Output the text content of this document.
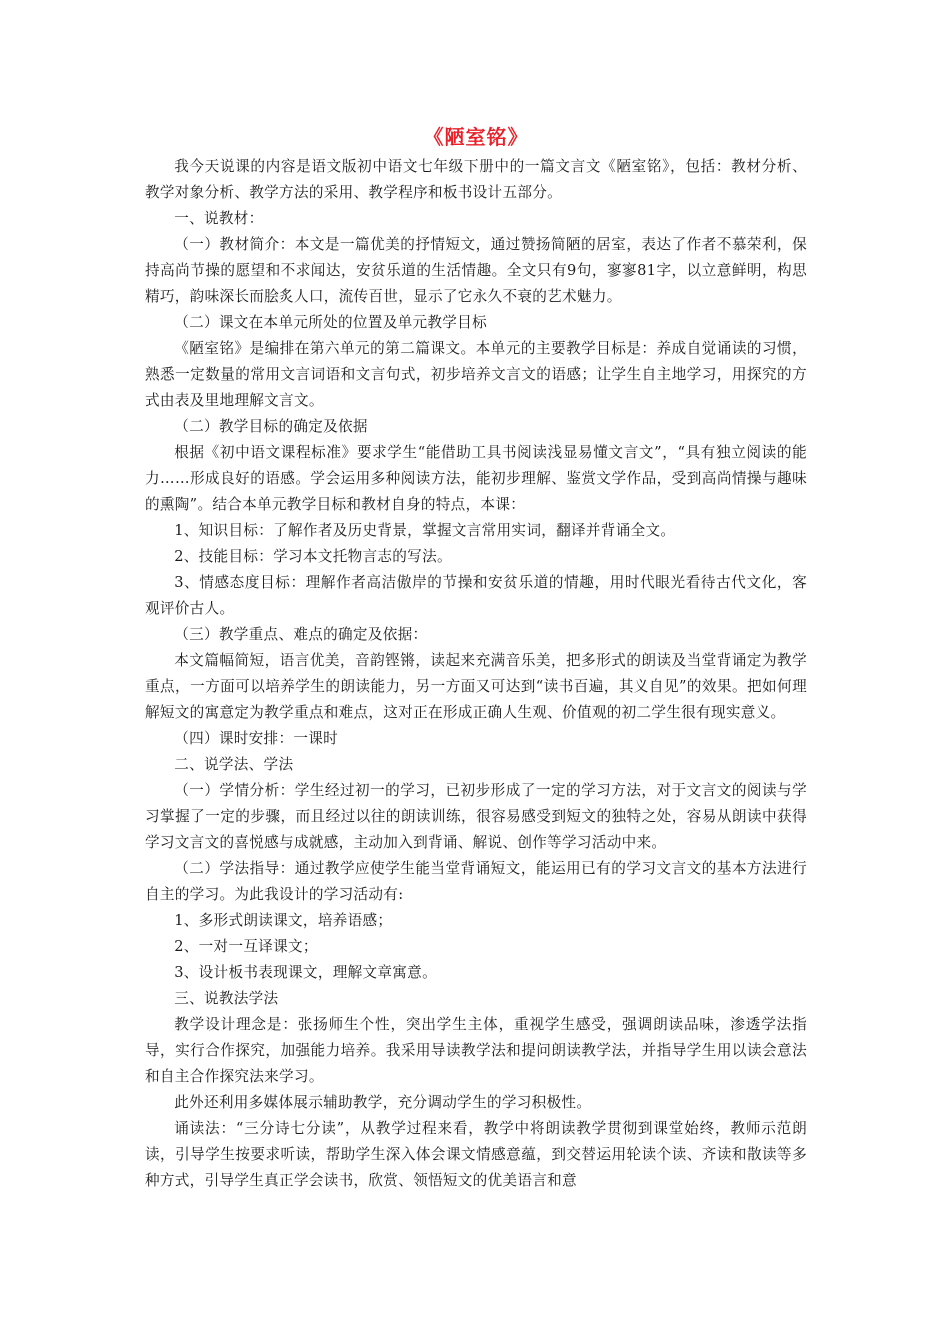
《陋室铭》

我今天说课的内容是语文版初中语文七年级下册中的一篇文言文《陋室铭》，包括：教材分析、教学对象分析、教学方法的采用、教学程序和板书设计五部分。

一、说教材：

（一）教材简介：本文是一篇优美的抒情短文，通过赞扬简陋的居室，表达了作者不慕荣利，保持高尚节操的愿望和不求闻达，安贫乐道的生活情趣。全文只有9句，寥寥81字，以立意鲜明，构思精巧，韵味深长而脍炙人口，流传百世，显示了它永久不衰的艺术魅力。

（二）课文在本单元所处的位置及单元教学目标

《陋室铭》是编排在第六单元的第二篇课文。本单元的主要教学目标是：养成自觉诵读的习惯，熟悉一定数量的常用文言词语和文言句式，初步培养文言文的语感；让学生自主地学习，用探究的方式由表及里地理解文言文。

（二）教学目标的确定及依据

根据《初中语文课程标准》要求学生“能借助工具书阅读浅显易懂文言文”，“具有独立阅读的能力……形成良好的语感。学会运用多种阅读方法，能初步理解、鉴赏文学作品，受到高尚情操与趣味的熏陶”。结合本单元教学目标和教材自身的特点，本课：

1、知识目标：了解作者及历史背景，掌握文言常用实词，翻译并背诵全文。

2、技能目标：学习本文托物言志的写法。

3、情感态度目标：理解作者高洁傲岸的节操和安贫乐道的情趣，用时代眼光看待古代文化，客观评价古人。

（三）教学重点、难点的确定及依据：

本文篇幅简短，语言优美，音韵铿锵，读起来充满音乐美，把多形式的朗读及当堂背诵定为教学重点，一方面可以培养学生的朗读能力，另一方面又可达到“读书百遍，其义自见”的效果。把如何理解短文的寓意定为教学重点和难点，这对正在形成正确人生观、价值观的初二学生很有现实意义。

（四）课时安排：一课时

二、说学法、学法

（一）学情分析：学生经过初一的学习，已初步形成了一定的学习方法，对于文言文的阅读与学习掌握了一定的步骤，而且经过以往的朗读训练，很容易感受到短文的独特之处，容易从朗读中获得学习文言文的喜悦感与成就感，主动加入到背诵、解说、创作等学习活动中来。

（二）学法指导：通过教学应使学生能当堂背诵短文，能运用已有的学习文言文的基本方法进行自主的学习。为此我设计的学习活动有:

1、多形式朗读课文，培养语感；

2、一对一互译课文；

3、设计板书表现课文，理解文章寓意。

三、说教法学法

教学设计理念是：张扬师生个性，突出学生主体，重视学生感受，强调朗读品味，渗透学法指导，实行合作探究，加强能力培养。我采用导读教学法和提问朗读教学法，并指导学生用以读会意法和自主合作探究法来学习。

此外还利用多媒体展示辅助教学，充分调动学生的学习积极性。

诵读法：“三分诗七分读”，从教学过程来看，教学中将朗读教学贯彻到课堂始终，教师示范朗读，引导学生按要求听读，帮助学生深入体会课文情感意蕴，到交替运用轮读个读、齐读和散读等多种方式，引导学生真正学会读书，欣赏、领悟短文的优美语言和意
